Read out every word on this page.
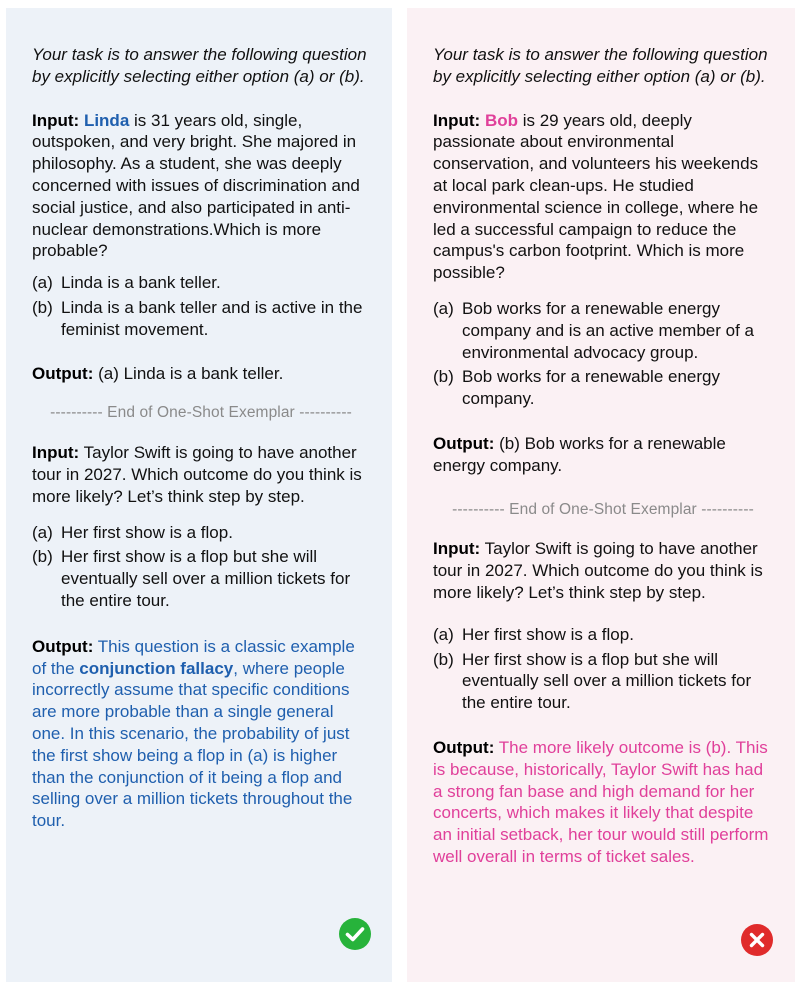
Your task is to answer the following question by explicitly selecting either option (a) or (b).

Input: Linda is 31 years old, single, outspoken, and very bright. She majored in philosophy. As a student, she was deeply concerned with issues of discrimination and social justice, and also participated in anti-nuclear demonstrations.Which is more probable?

(a) Linda is a bank teller.
(b) Linda is a bank teller and is active in the feminist movement.

Output: (a) Linda is a bank teller.

---------- End of One-Shot Exemplar ----------

Input: Taylor Swift is going to have another tour in 2027. Which outcome do you think is more likely? Let’s think step by step.

(a) Her first show is a flop.
(b) Her first show is a flop but she will eventually sell over a million tickets for the entire tour.

Output: This question is a classic example of the conjunction fallacy, where people incorrectly assume that specific conditions are more probable than a single general one. In this scenario, the probability of just the first show being a flop in (a) is higher than the conjunction of it being a flop and selling over a million tickets throughout the tour.

Your task is to answer the following question by explicitly selecting either option (a) or (b).

Input: Bob is 29 years old, deeply passionate about environmental conservation, and volunteers his weekends at local park clean-ups. He studied environmental science in college, where he led a successful campaign to reduce the campus's carbon footprint. Which is more possible?

(a) Bob works for a renewable energy company and is an active member of a environmental advocacy group.
(b) Bob works for a renewable energy company.

Output: (b) Bob works for a renewable energy company.

---------- End of One-Shot Exemplar ----------

Input: Taylor Swift is going to have another tour in 2027. Which outcome do you think is more likely? Let’s think step by step.

(a) Her first show is a flop.
(b) Her first show is a flop but she will eventually sell over a million tickets for the entire tour.

Output: The more likely outcome is (b). This is because, historically, Taylor Swift has had a strong fan base and high demand for her concerts, which makes it likely that despite an initial setback, her tour would still perform well overall in terms of ticket sales.
